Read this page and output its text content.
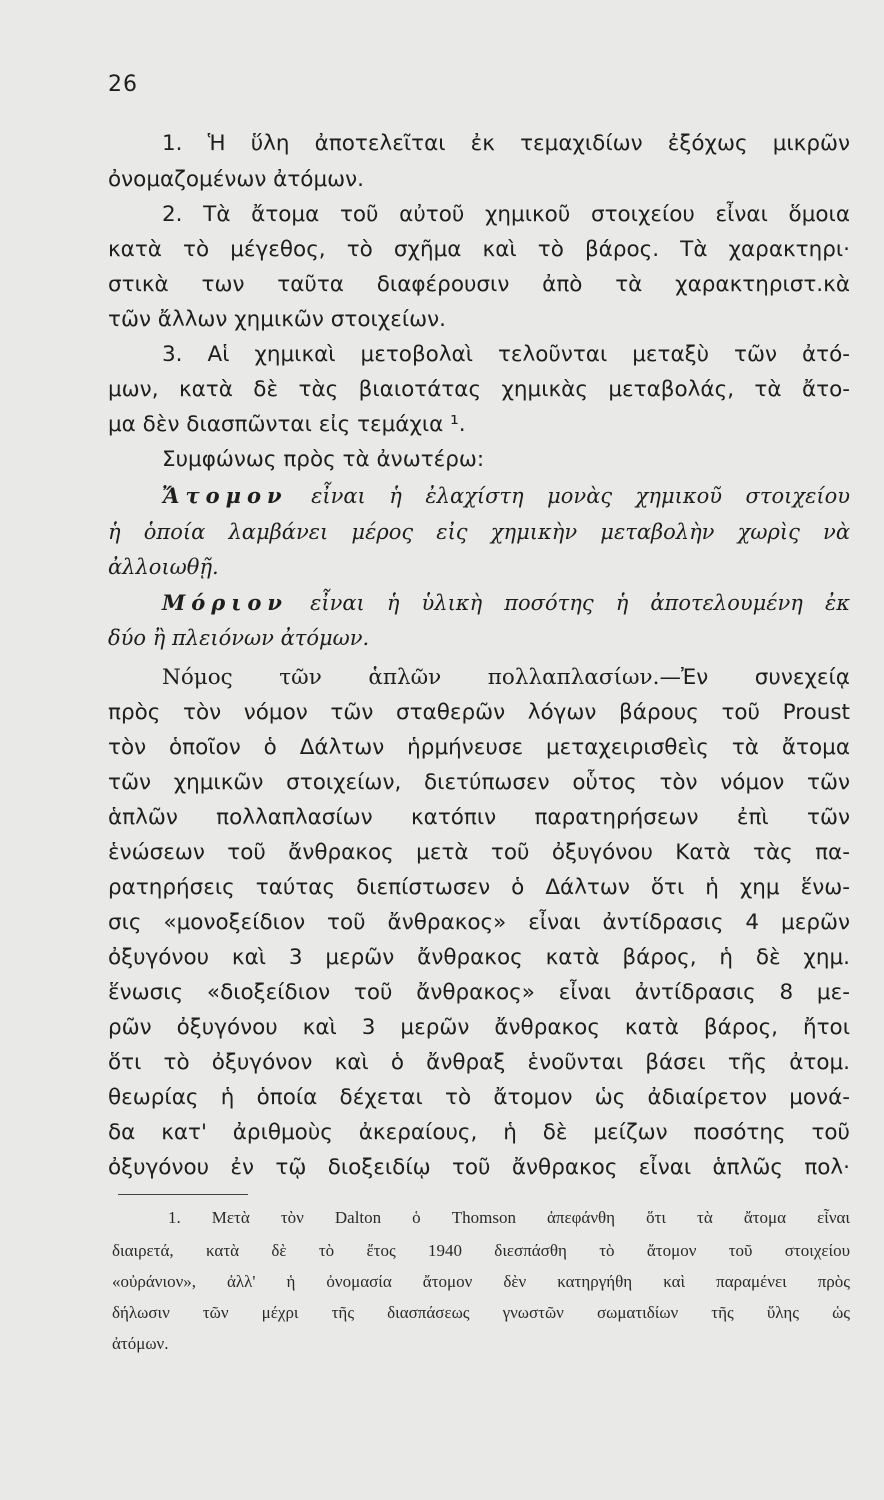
26
1. Ἡ ὕλη ἀποτελεῖται ἐκ τεμαχιδίων ἐξόχως μικρῶν
ὀνομαζομένων ἀτόμων.
2. Τὰ ἄτομα τοῦ αὐτοῦ χημικοῦ στοιχείου εἶναι ὅμοια
κατὰ τὸ μέγεθος, τὸ σχῆμα καὶ τὸ βάρος. Τὰ χαρακτηρι·
στικὰ των ταῦτα διαφέρουσιν ἀπὸ τὰ χαρακτηριστ.κὰ
τῶν ἄλλων χημικῶν στοιχείων.
3. Αἱ χημικαὶ μετοβολαὶ τελοῦνται μεταξὺ τῶν ἀτό-
μων, κατὰ δὲ τὰς βιαιοτάτας χημικὰς μεταβολάς, τὰ ἄτο-
μα δὲν διασπῶνται εἰς τεμάχια ¹.
Συμφώνως πρὸς τὰ ἀνωτέρω:
Ἄτομον εἶναι ἡ ἐλαχίστη μονὰς χημικοῦ στοιχείου
ἡ ὁποία λαμβάνει μέρος εἰς χημικὴν μεταβολὴν χωρὶς νὰ
ἀλλοιωθῇ.
Μόριον εἶναι ἡ ὑλικὴ ποσότης ἡ ἀποτελουμένη ἐκ
δύο ἢ πλειόνων ἀτόμων.
Νόμος τῶν ἁπλῶν πολλαπλασίων.—Ἐν συνεχείᾳ
πρὸς τὸν νόμον τῶν σταθερῶν λόγων βάρους τοῦ Proust
τὸν ὁποῖον ὁ Δάλτων ἡρμήνευσε μεταχειρισθεὶς τὰ ἄτομα
τῶν χημικῶν στοιχείων, διετύπωσεν οὗτος τὸν νόμον τῶν
ἁπλῶν πολλαπλασίων κατόπιν παρατηρήσεων ἐπὶ τῶν
ἑνώσεων τοῦ ἄνθρακος μετὰ τοῦ ὀξυγόνου Κατὰ τὰς πα-
ρατηρήσεις ταύτας διεπίστωσεν ὁ Δάλτων ὅτι ἡ χημ ἕνω-
σις «μονοξείδιον τοῦ ἄνθρακος» εἶναι ἀντίδρασις 4 μερῶν
ὀξυγόνου καὶ 3 μερῶν ἄνθρακος κατὰ βάρος, ἡ δὲ χημ.
ἕνωσις «διοξείδιον τοῦ ἄνθρακος» εἶναι ἀντίδρασις 8 με-
ρῶν ὀξυγόνου καὶ 3 μερῶν ἄνθρακος κατὰ βάρος, ἤτοι
ὅτι τὸ ὀξυγόνον καὶ ὁ ἄνθραξ ἑνοῦνται βάσει τῆς ἀτομ.
θεωρίας ἡ ὁποία δέχεται τὸ ἄτομον ὡς ἀδιαίρετον μονά-
δα κατ' ἀριθμοὺς ἀκεραίους, ἡ δὲ μείζων ποσότης τοῦ
ὀξυγόνου ἐν τῷ διοξειδίῳ τοῦ ἄνθρακος εἶναι ἁπλῶς πολ·
1. Μετὰ τὸν Dalton ὁ Thomson ἀπεφάνθη ὅτι τὰ ἄτομα εἶναι
διαιρετά, κατὰ δὲ τὸ ἔτος 1940 διεσπάσθη τὸ ἄτομον τοῦ στοιχείου
«οὐράνιον», ἀλλ' ἡ ὀνομασία ἄτομον δὲν κατηργήθη καὶ παραμένει πρὸς
δήλωσιν τῶν μέχρι τῆς διασπάσεως γνωστῶν σωματιδίων τῆς ὕλης ὡς
ἀτόμων.
